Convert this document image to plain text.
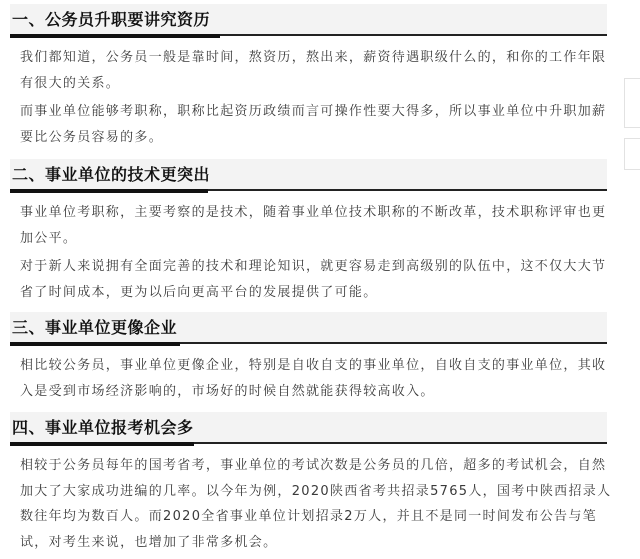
一、公务员升职要讲究资历

我们都知道，公务员一般是靠时间，熬资历，熬出来，薪资待遇职级什么的，和你的工作年限有很大的关系。

而事业单位能够考职称，职称比起资历政绩而言可操作性要大得多，所以事业单位中升职加薪要比公务员容易的多。

二、事业单位的技术更突出

事业单位考职称，主要考察的是技术，随着事业单位技术职称的不断改革，技术职称评审也更加公平。

对于新人来说拥有全面完善的技术和理论知识，就更容易走到高级别的队伍中，这不仅大大节省了时间成本，更为以后向更高平台的发展提供了可能。

三、事业单位更像企业

相比较公务员，事业单位更像企业，特别是自收自支的事业单位，自收自支的事业单位，其收入是受到市场经济影响的，市场好的时候自然就能获得较高收入。

四、事业单位报考机会多

相较于公务员每年的国考省考，事业单位的考试次数是公务员的几倍，超多的考试机会，自然加大了大家成功进编的几率。以今年为例，2020陕西省考共招录5765人，国考中陕西招录人数往年均为数百人。而2020全省事业单位计划招录2万人，并且不是同一时间发布公告与笔试，对考生来说，也增加了非常多机会。
